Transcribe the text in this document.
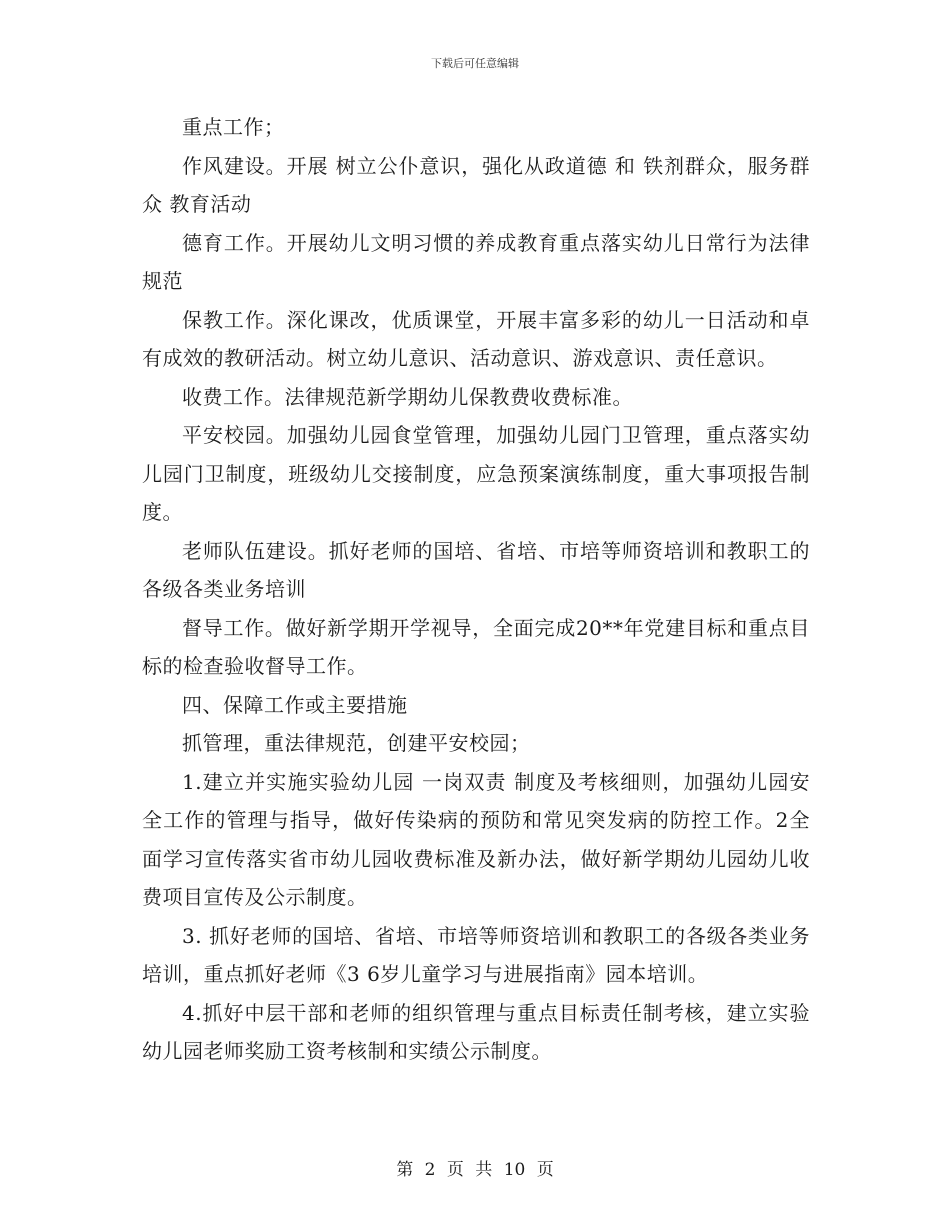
下载后可任意编辑

重点工作；

作风建设。开展 树立公仆意识，强化从政道德 和 铁剂群众，服务群众 教育活动

德育工作。开展幼儿文明习惯的养成教育重点落实幼儿日常行为法律规范

保教工作。深化课改，优质课堂，开展丰富多彩的幼儿一日活动和卓有成效的教研活动。树立幼儿意识、活动意识、游戏意识、责任意识。

收费工作。法律规范新学期幼儿保教费收费标准。

平安校园。加强幼儿园食堂管理，加强幼儿园门卫管理，重点落实幼儿园门卫制度，班级幼儿交接制度，应急预案演练制度，重大事项报告制度。

老师队伍建设。抓好老师的国培、省培、市培等师资培训和教职工的各级各类业务培训

督导工作。做好新学期开学视导，全面完成20**年党建目标和重点目标的检查验收督导工作。

四、保障工作或主要措施

抓管理，重法律规范，创建平安校园；

1.建立并实施实验幼儿园 一岗双责 制度及考核细则，加强幼儿园安全工作的管理与指导，做好传染病的预防和常见突发病的防控工作。2全面学习宣传落实省市幼儿园收费标准及新办法，做好新学期幼儿园幼儿收费项目宣传及公示制度。

3. 抓好老师的国培、省培、市培等师资培训和教职工的各级各类业务培训，重点抓好老师《3 6岁儿童学习与进展指南》园本培训。

4.抓好中层干部和老师的组织管理与重点目标责任制考核，建立实验幼儿园老师奖励工资考核制和实绩公示制度。

第 2 页 共 10 页
